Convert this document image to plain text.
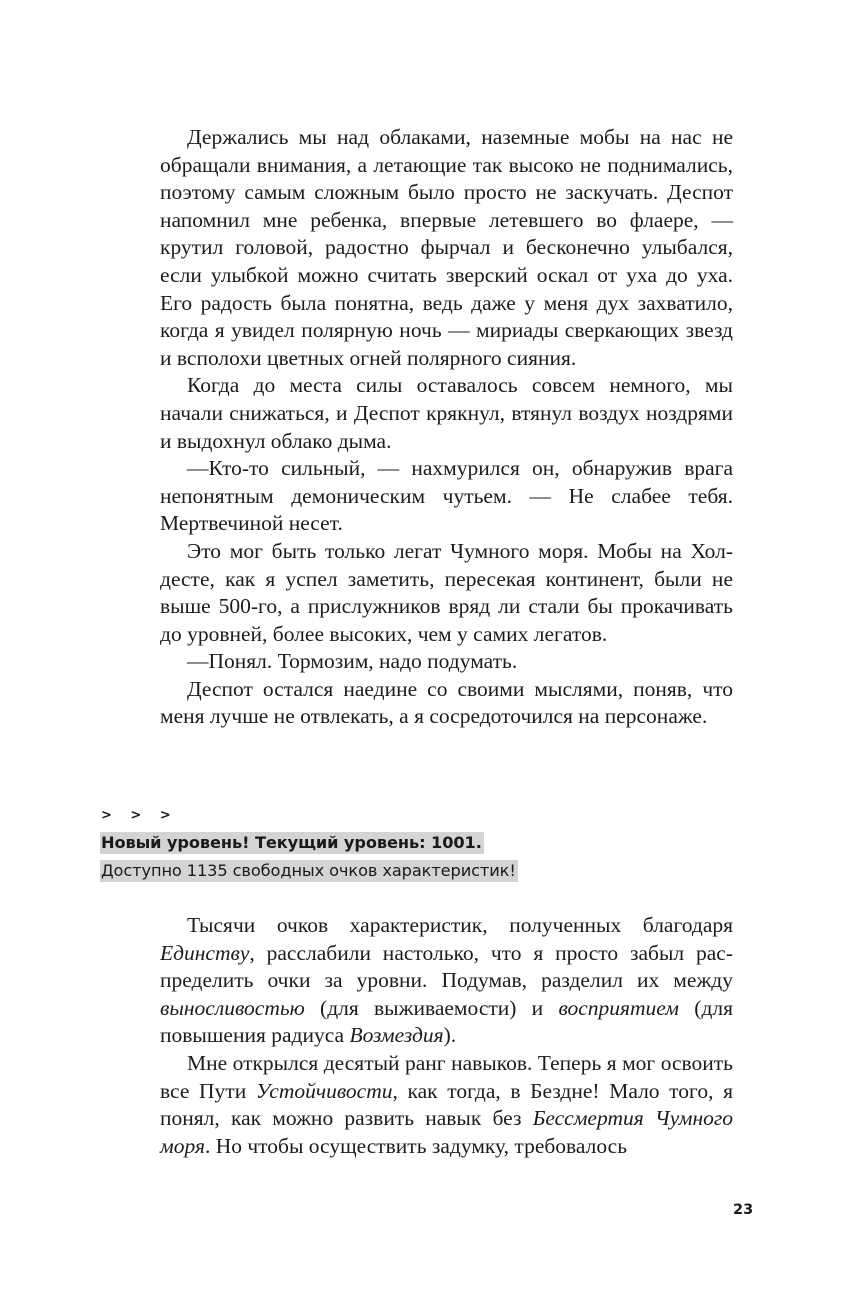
Держались мы над облаками, наземные мобы на нас не обращали внимания, а летающие так высоко не поднимались, поэтому самым сложным было просто не заскучать. Деспот напомнил мне ребенка, впервые летевшего во флаере, — крутил головой, радостно фырчал и бесконечно улыбался, если улыбкой можно считать зверский оскал от уха до уха. Его радость была понятна, ведь даже у меня дух захватило, когда я увидел полярную ночь — мириады сверкающих звезд и всполохи цветных огней полярного сияния.

Когда до места силы оставалось совсем немного, мы начали снижаться, и Деспот крякнул, втянул воздух ноздрями и выдохнул облако дыма.

—Кто-то сильный, — нахмурился он, обнаружив врага непонятным демоническим чутьем. — Не слабее тебя. Мертвечиной несет.

Это мог быть только легат Чумного моря. Мобы на Холдесте, как я успел заметить, пересекая континент, были не выше 500-го, а прислужников вряд ли стали бы прокачивать до уровней, более высоких, чем у самих легатов.

—Понял. Тормозим, надо подумать.

Деспот остался наедине со своими мыслями, поняв, что меня лучше не отвлекать, а я сосредоточился на персонаже.

> > >
Новый уровень! Текущий уровень: 1001.
Доступно 1135 свободных очков характеристик!

Тысячи очков характеристик, полученных благодаря Единству, расслабили настолько, что я просто забыл распределить очки за уровни. Подумав, разделил их между выносливостью (для выживаемости) и восприятием (для повышения радиуса Возмездия).

Мне открылся десятый ранг навыков. Теперь я мог освоить все Пути Устойчивости, как тогда, в Бездне! Мало того, я понял, как можно развить навык без Бессмертия Чумного моря. Но чтобы осуществить задумку, требовалось

23
